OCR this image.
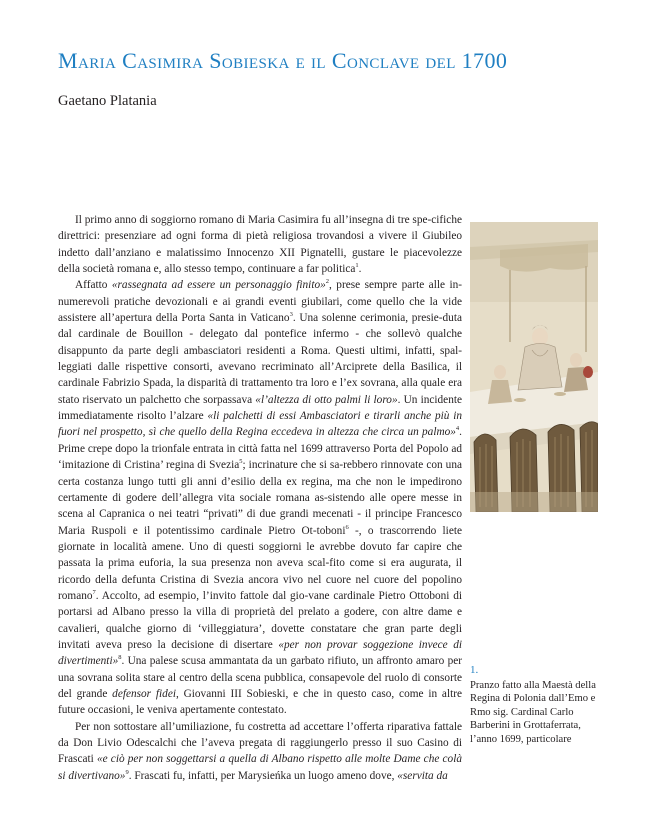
Maria Casimira Sobieska e il Conclave del 1700
Gaetano Platania

Il primo anno di soggiorno romano di Maria Casimira fu all’insegna di tre spe-cifiche direttrici: presenziare ad ogni forma di pietà religiosa trovandosi a vivere il Giubileo indetto dall’anziano e malatissimo Innocenzo XII Pignatelli, gustare le piacevolezze della società romana e, allo stesso tempo, continuare a far politica$^1$.

Affatto «rassegnata ad essere un personaggio finito»$^2$, prese sempre parte alle in-numerevoli pratiche devozionali e ai grandi eventi giubilari, come quello che la vide assistere all’apertura della Porta Santa in Vaticano$^3$. Una solenne cerimonia, presie-duta dal cardinale de Bouillon - delegato dal pontefice infermo - che sollevò qualche disappunto da parte degli ambasciatori residenti a Roma. Questi ultimi, infatti, spal-leggiati dalle rispettive consorti, avevano recriminato all’Arciprete della Basilica, il cardinale Fabrizio Spada, la disparità di trattamento tra loro e l’ex sovrana, alla quale era stato riservato un palchetto che sorpassava «l’altezza di otto palmi li loro». Un incidente immediatamente risolto l’alzare «li palchetti di essi Ambasciatori e tirarli anche più in fuori nel prospetto, sì che quello della Regina eccedeva in altezza che circa un palmo»$^4$. Prime crepe dopo la trionfale entrata in città fatta nel 1699 attraverso Porta del Popolo ad ‘imitazione di Cristina’ regina di Svezia$^5$; incrinature che si sa-rebbero rinnovate con una certa costanza lungo tutti gli anni d’esilio della ex regina, ma che non le impedirono certamente di godere dell’allegra vita sociale romana as-sistendo alle opere messe in scena al Capranica o nei teatri “privati” di due grandi mecenati - il principe Francesco Maria Ruspoli e il potentissimo cardinale Pietro Ot-toboni$^6$ -, o trascorrendo liete giornate in località amene. Uno di questi soggiorni le avrebbe dovuto far capire che passata la prima euforia, la sua presenza non aveva scal-fito come si era augurata, il ricordo della defunta Cristina di Svezia ancora vivo nel cuore nel cuore del popolino romano$^7$. Accolto, ad esempio, l’invito fattole dal gio-vane cardinale Pietro Ottoboni di portarsi ad Albano presso la villa di proprietà del prelato a godere, con altre dame e cavalieri, qualche giorno di ‘villeggiatura’, dovette constatare che gran parte degli invitati aveva preso la decisione di disertare «per non provar soggezione invece di divertimenti»$^8$. Una palese scusa ammantata da un garbato rifiuto, un affronto amaro per una sovrana solita stare al centro della scena pubblica, consapevole del ruolo di consorte del grande defensor fidei, Giovanni III Sobieski, e che in questo caso, come in altre future occasioni, le veniva apertamente contestato.

Per non sottostare all’umiliazione, fu costretta ad accettare l’offerta riparativa fattale da Don Livio Odescalchi che l’aveva pregata di raggiungerlo presso il suo Casino di Frascati «e ciò per non soggettarsi a quella di Albano rispetto alle molte Dame che colà si divertivano»$^9$. Frascati fu, infatti, per Marysieńka un luogo ameno dove, «servita da

1.
Pranzo fatto alla Maestà della Regina di Polonia dall’Emo e Rmo sig. Cardinal Carlo Barberini in Grottaferrata, l’anno 1699, particolare
